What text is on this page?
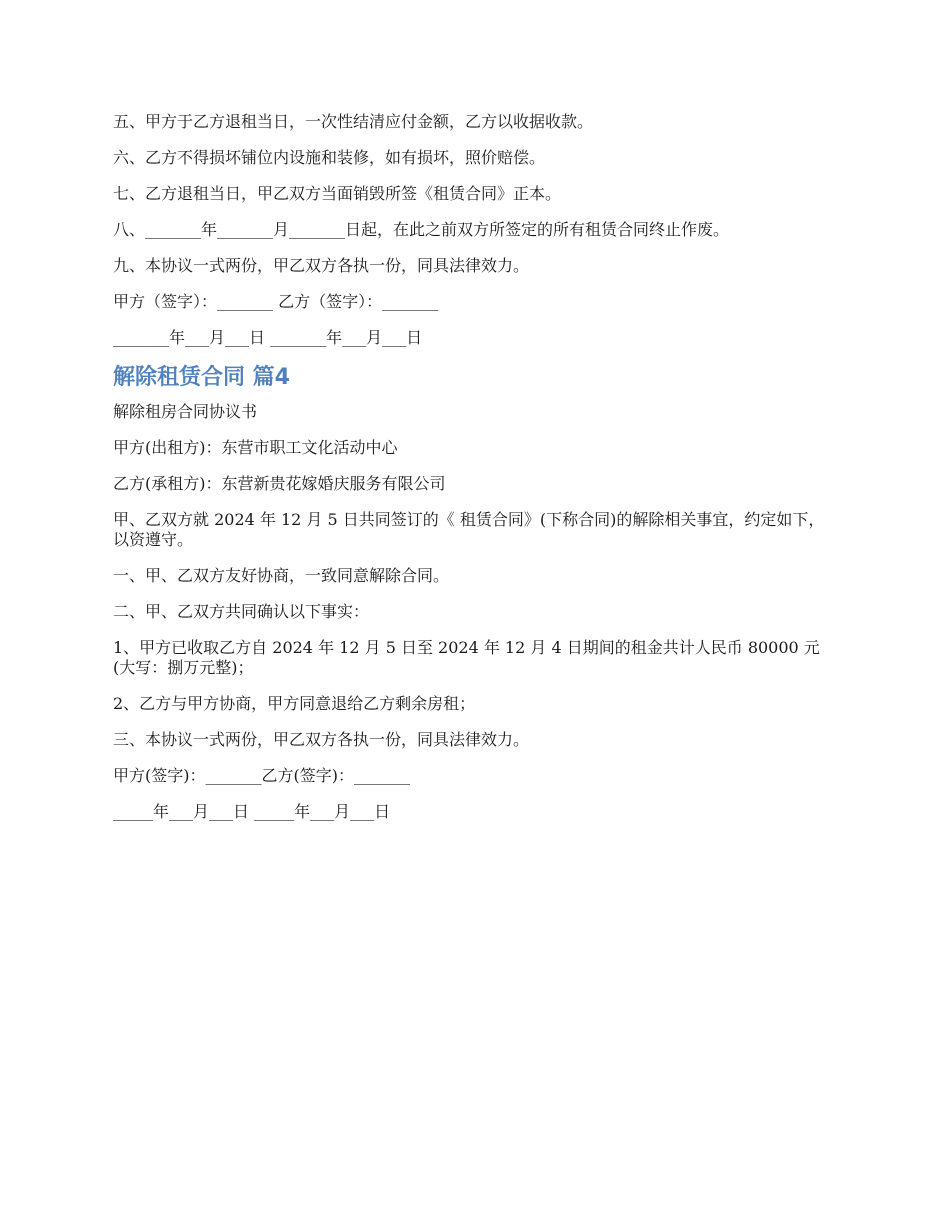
五、甲方于乙方退租当日，一次性结清应付金额，乙方以收据收款。

六、乙方不得损坏铺位内设施和装修，如有损坏，照价赔偿。

七、乙方退租当日，甲乙双方当面销毁所签《租赁合同》正本。

八、_______年_______月_______日起，在此之前双方所签定的所有租赁合同终止作废。

九、本协议一式两份，甲乙双方各执一份，同具法律效力。

甲方（签字）：_______ 乙方（签字）：_______

_______年___月___日 _______年___月___日

解除租赁合同 篇4

解除租房合同协议书

甲方(出租方)：东营市职工文化活动中心

乙方(承租方)：东营新贵花嫁婚庆服务有限公司

甲、乙双方就 2024 年 12 月 5 日共同签订的《 租赁合同》(下称合同)的解除相关事宜，约定如下，以资遵守。

一、甲、乙双方友好协商，一致同意解除合同。

二、甲、乙双方共同确认以下事实：

1、甲方已收取乙方自 2024 年 12 月 5 日至 2024 年 12 月 4 日期间的租金共计人民币 80000 元(大写：捌万元整)；

2、乙方与甲方协商，甲方同意退给乙方剩余房租；

三、本协议一式两份，甲乙双方各执一份，同具法律效力。

甲方(签字)：_______乙方(签字)：_______

_____年___月___日 _____年___月___日
